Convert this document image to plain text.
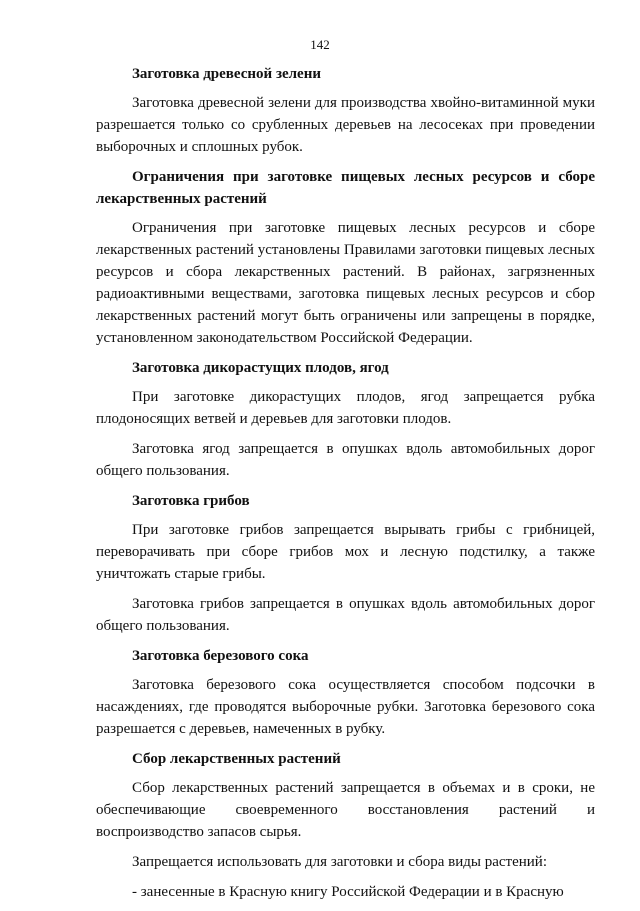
142
Заготовка древесной зелени

Заготовка древесной зелени для производства хвойно-витаминной муки разрешается только со срубленных деревьев на лесосеках при проведении выборочных и сплошных рубок.

Ограничения при заготовке пищевых лесных ресурсов и сборе лекарственных растений

Ограничения при заготовке пищевых лесных ресурсов и сборе лекарственных растений установлены Правилами заготовки пищевых лесных ресурсов и сбора лекарственных растений. В районах, загрязненных радиоактивными веществами, заготовка пищевых лесных ресурсов и сбор лекарственных растений могут быть ограничены или запрещены в порядке, установленном законодательством Российской Федерации.

Заготовка дикорастущих плодов, ягод

При заготовке дикорастущих плодов, ягод запрещается рубка плодоносящих ветвей и деревьев для заготовки плодов.

Заготовка ягод запрещается в опушках вдоль автомобильных дорог общего пользования.

Заготовка грибов

При заготовке грибов запрещается вырывать грибы с грибницей, переворачивать при сборе грибов мох и лесную подстилку, а также уничтожать старые грибы.

Заготовка грибов запрещается в опушках вдоль автомобильных дорог общего пользования.

Заготовка березового сока

Заготовка березового сока осуществляется способом подсочки в насаждениях, где проводятся выборочные рубки. Заготовка березового сока разрешается с деревьев, намеченных в рубку.

Сбор лекарственных растений

Сбор лекарственных растений запрещается в объемах и в сроки, не обеспечивающие своевременного восстановления растений и воспроизводство запасов сырья.

Запрещается использовать для заготовки и сбора виды растений:

- занесенные в Красную книгу Российской Федерации и в Красную
